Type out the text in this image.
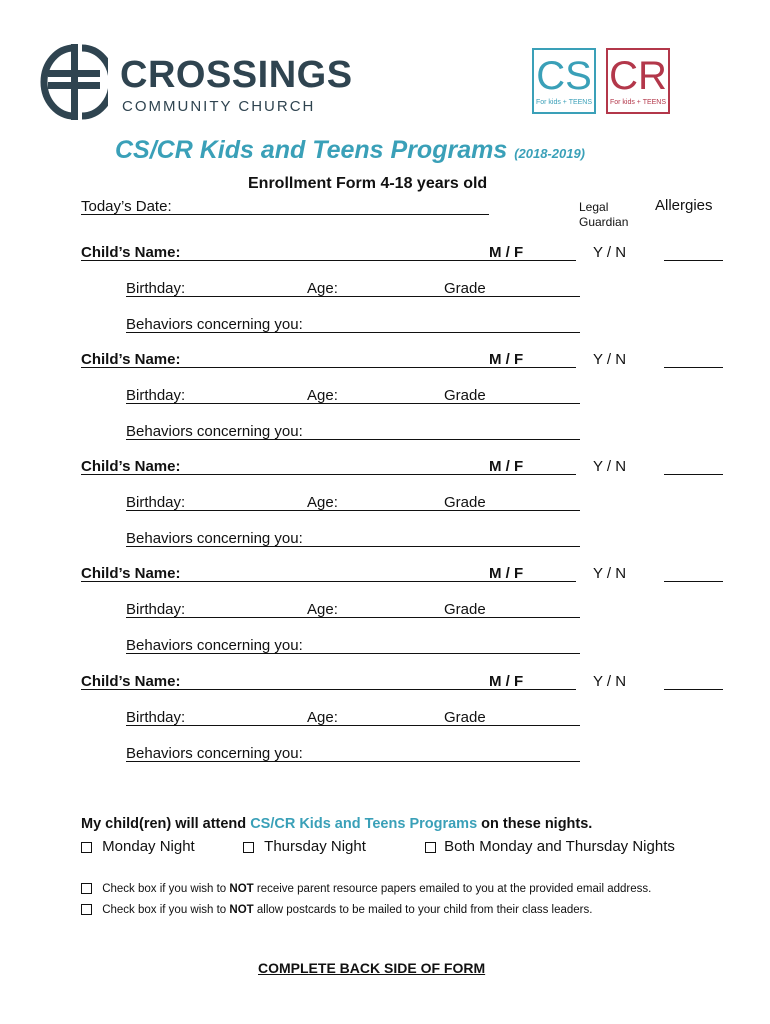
CROSSINGS
COMMUNITY CHURCH
CS
For kids + TEENS
CR
For kids + TEENS
CS/CR Kids and Teens Programs (2018-2019)
Enrollment Form 4-18 years old
Today’s Date:	Legal
Guardian
Allergies
Child’s Name:	M / F	Y / N
Birthday:	Age:	Grade
Behaviors concerning you:
Child’s Name:	M / F	Y / N
Birthday:	Age:	Grade
Behaviors concerning you:
Child’s Name:	M / F	Y / N
Birthday:	Age:	Grade
Behaviors concerning you:
Child’s Name:	M / F	Y / N
Birthday:	Age:	Grade
Behaviors concerning you:
Child’s Name:	M / F	Y / N
Birthday:	Age:	Grade
Behaviors concerning you:
My child(ren) will attend CS/CR Kids and Teens Programs on these nights.
Monday Night	Thursday Night	Both Monday and Thursday Nights
Check box if you wish to NOT receive parent resource papers emailed to you at the provided email address.
Check box if you wish to NOT allow postcards to be mailed to your child from their class leaders.
COMPLETE BACK SIDE OF FORM
